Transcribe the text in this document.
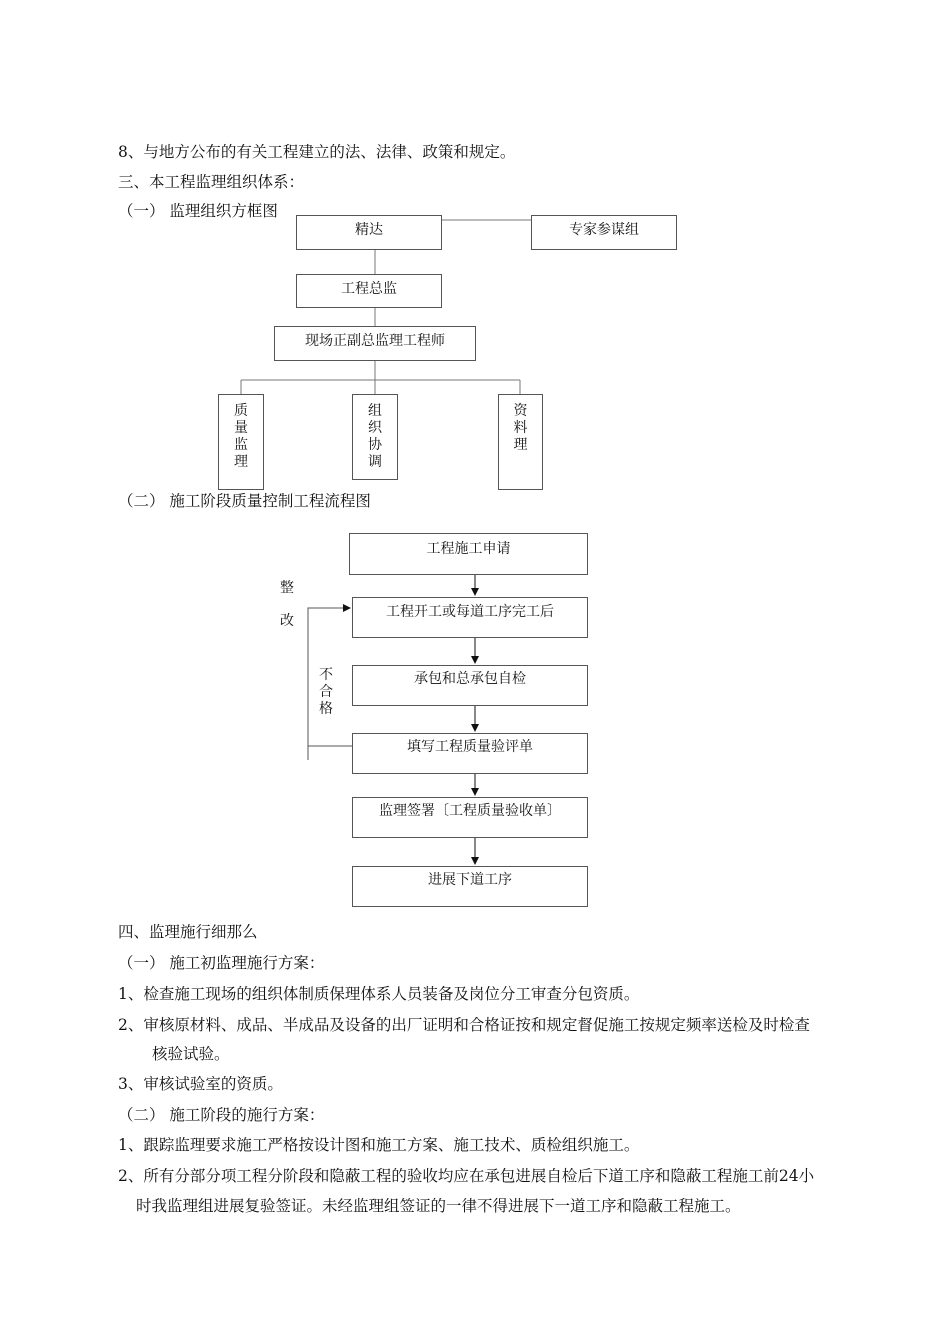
8、与地方公布的有关工程建立的法、法律、政策和规定。
三、本工程监理组织体系：
（一） 监理组织方框图
（二） 施工阶段质量控制工程流程图
四、监理施行细那么
（一） 施工初监理施行方案：
1、检查施工现场的组织体制质保理体系人员装备及岗位分工审查分包资质。
2、审核原材料、成品、半成品及设备的出厂证明和合格证按和规定督促施工按规定频率送检及时检查
核验试验。
3、审核试验室的资质。
（二） 施工阶段的施行方案：
1、跟踪监理要求施工严格按设计图和施工方案、施工技术、质检组织施工。
2、所有分部分项工程分阶段和隐蔽工程的验收均应在承包进展自检后下道工序和隐蔽工程施工前24小
时我监理组进展复验签证。未经监理组签证的一律不得进展下一道工序和隐蔽工程施工。
精达	专家参谋组
工程总监
现场正副总监理工程师
质
量
监
理
组
织
协
调
资
料
理
工程施工申请
工程开工或每道工序完工后
承包和总承包自检
填写工程质量验评单
监理签署〔工程质量验收单〕
进展下道工序
整
改
不
合
格
